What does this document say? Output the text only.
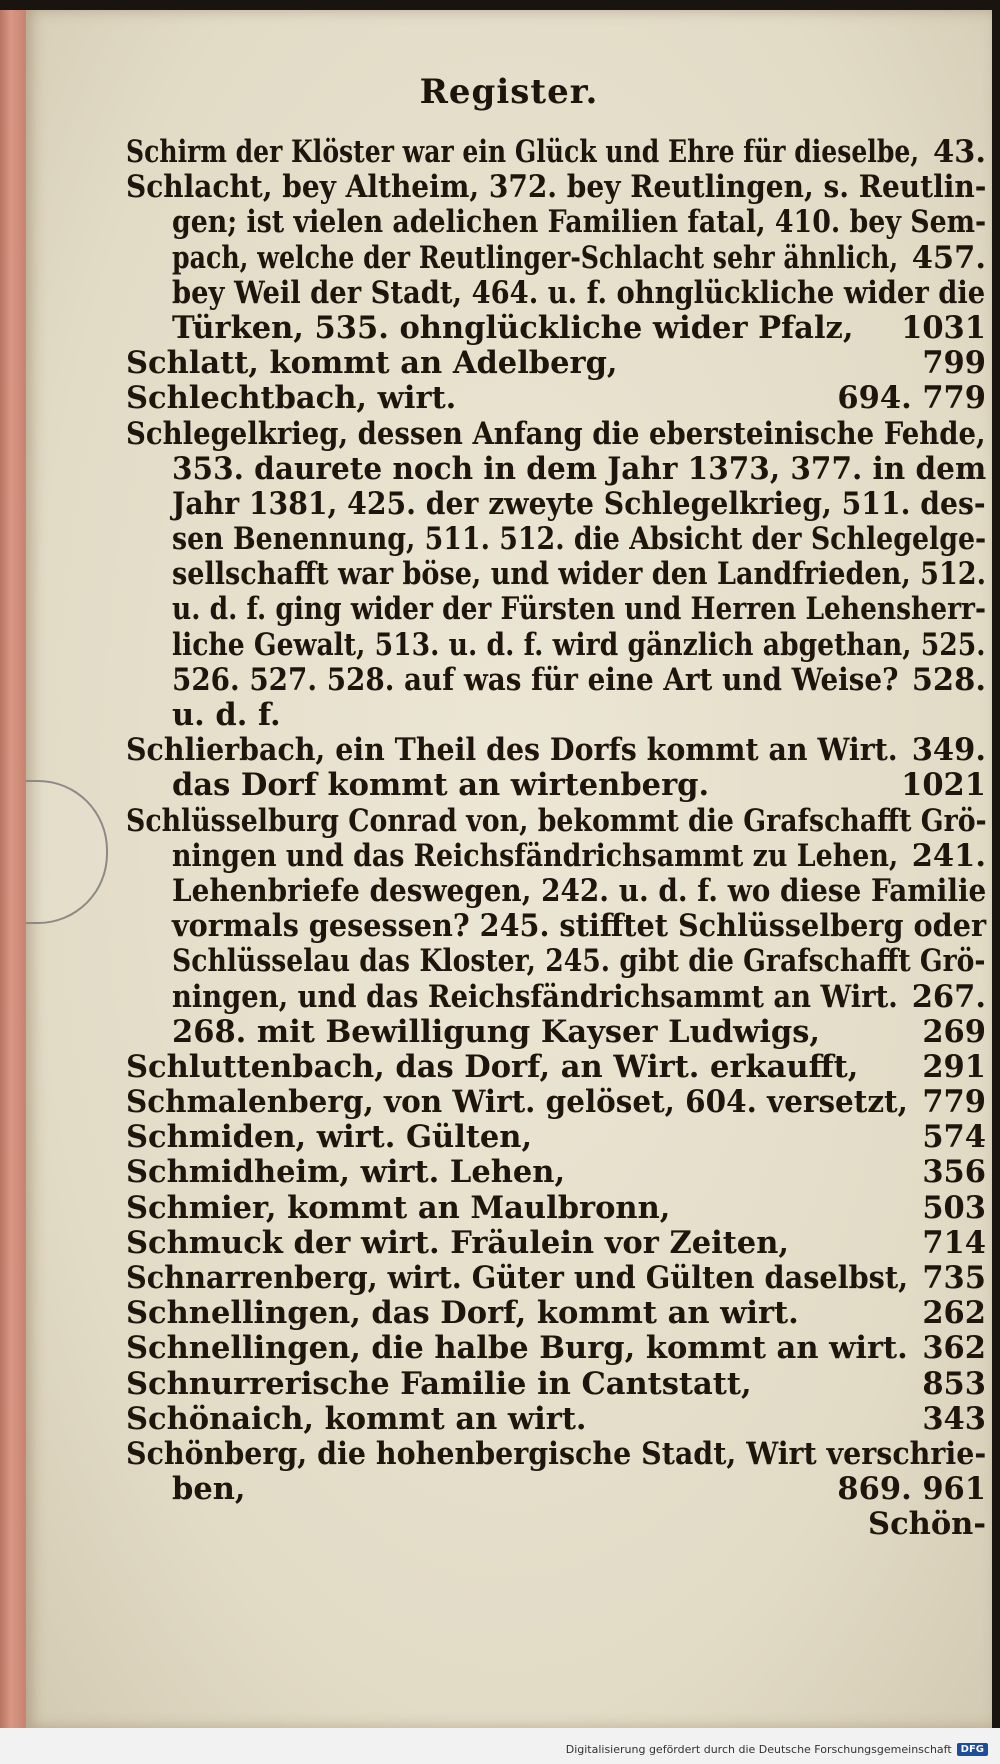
Register.
Schirm der Klöster war ein Glück und Ehre für dieselbe, 43.
Schlacht, bey Altheim, 372. bey Reutlingen, s. Reutlin-
gen; ist vielen adelichen Familien fatal, 410. bey Sem-
pach, welche der Reutlinger-Schlacht sehr ähnlich, 457.
bey Weil der Stadt, 464. u. f. ohnglückliche wider die
Türken, 535. ohnglückliche wider Pfalz, 1031
Schlatt, kommt an Adelberg,	799
Schlechtbach, wirt.	694. 779
Schlegelkrieg, dessen Anfang die ebersteinische Fehde,
353. daurete noch in dem Jahr 1373, 377. in dem
Jahr 1381, 425. der zweyte Schlegelkrieg, 511. des-
sen Benennung, 511. 512. die Absicht der Schlegelge-
sellschafft war böse, und wider den Landfrieden, 512.
u. d. f. ging wider der Fürsten und Herren Lehensherr-
liche Gewalt, 513. u. d. f. wird gänzlich abgethan, 525.
526. 527. 528. auf was für eine Art und Weise? 528.
u. d. f.
Schlierbach, ein Theil des Dorfs kommt an Wirt. 349.
das Dorf kommt an wirtenberg.	1021
Schlüsselburg Conrad von, bekommt die Grafschafft Grö-
ningen und das Reichsfändrichsammt zu Lehen, 241.
Lehenbriefe deswegen, 242. u. d. f. wo diese Familie
vormals gesessen? 245. stifftet Schlüsselberg oder
Schlüsselau das Kloster, 245. gibt die Grafschafft Grö-
ningen, und das Reichsfändrichsammt an Wirt. 267.
268. mit Bewilligung Kayser Ludwigs,	269
Schluttenbach, das Dorf, an Wirt. erkaufft, 291
Schmalenberg, von Wirt. gelöset, 604. versetzt, 779
Schmiden, wirt. Gülten,	574
Schmidheim, wirt. Lehen,	356
Schmier, kommt an Maulbronn,	503
Schmuck der wirt. Fräulein vor Zeiten,	714
Schnarrenberg, wirt. Güter und Gülten daselbst, 735
Schnellingen, das Dorf, kommt an wirt.	262
Schnellingen, die halbe Burg, kommt an wirt. 362
Schnurrerische Familie in Cantstatt,	853
Schönaich, kommt an wirt.	343
Schönberg, die hohenbergische Stadt, Wirt verschrie-
ben,	869. 961
Schön-
Digitalisierung gefördert durch die Deutsche Forschungsgemeinschaft DFG
